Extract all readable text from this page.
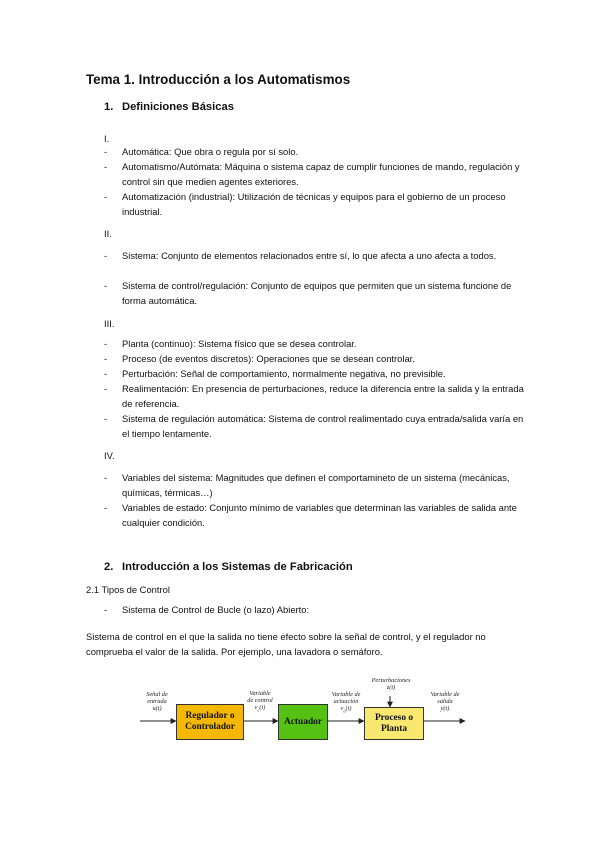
Tema 1. Introducción a los Automatismos
1. Definiciones Básicas
I.
- Automática: Que obra o regula por sí solo.
- Automatismo/Autómata: Máquina o sistema capaz de cumplir funciones de mando, regulación y control sin que medien agentes exteriores.
- Automatización (industrial): Utilización de técnicas y equipos para el gobierno de un proceso industrial.
II.
- Sistema: Conjunto de elementos relacionados entre sí, lo que afecta a uno afecta a todos.
- Sistema de control/regulación: Conjunto de equipos que permiten que un sistema funcione de forma automática.
III.
- Planta (continuo): Sistema físico que se desea controlar.
- Proceso (de eventos discretos): Operaciones que se desean controlar.
- Perturbación: Señal de comportamiento, normalmente negativa, no previsible.
- Realimentación: En presencia de perturbaciones, reduce la diferencia entre la salida y la entrada de referencia.
- Sistema de regulación automática: Sistema de control realimentado cuya entrada/salida varía en el tiempo lentamente.
IV.
- Variables del sistema: Magnitudes que definen el comportamineto de un sistema (mecánicas, químicas, térmicas…)
- Variables de estado: Conjunto mínimo de variables que determinan las variables de salida ante cualquier condición.
2. Introducción a los Sistemas de Fabricación
2.1 Tipos de Control
- Sistema de Control de Bucle (o lazo) Abierto:
Sistema de control en el que la salida no tiene efecto sobre la señal de control, y el regulador no comprueba el valor de la salida. Por ejemplo, una lavadora o semáforo.
Señal de
entrada
u(t)
Regulador o
Controlador
Variable
de control
$v_c(t)$
Actuador
Variable de
actuación
$v_a(t)$
Perturbaciones
z(t)
Proceso o
Planta
Variable de
salida
y(t)
